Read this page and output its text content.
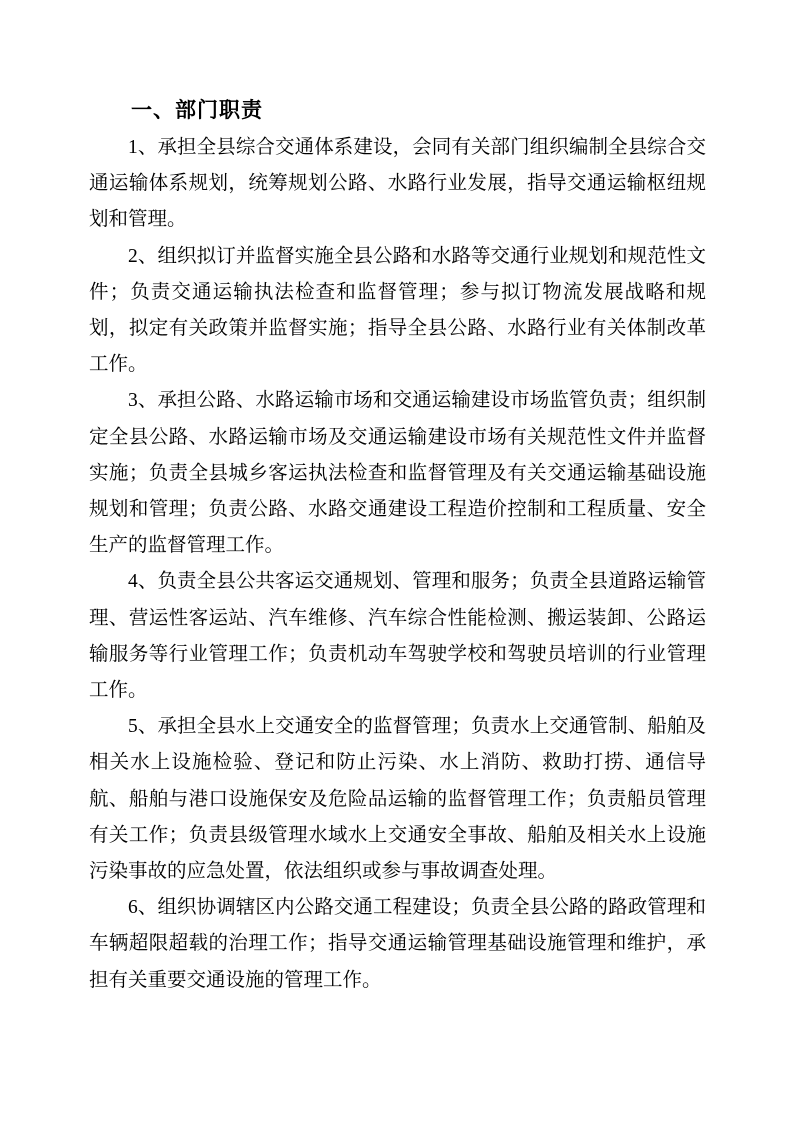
一、部门职责

1、承担全县综合交通体系建设，会同有关部门组织编制全县综合交通运输体系规划，统筹规划公路、水路行业发展，指导交通运输枢纽规划和管理。

2、组织拟订并监督实施全县公路和水路等交通行业规划和规范性文件；负责交通运输执法检查和监督管理；参与拟订物流发展战略和规划，拟定有关政策并监督实施；指导全县公路、水路行业有关体制改革工作。

3、承担公路、水路运输市场和交通运输建设市场监管负责；组织制定全县公路、水路运输市场及交通运输建设市场有关规范性文件并监督实施；负责全县城乡客运执法检查和监督管理及有关交通运输基础设施规划和管理；负责公路、水路交通建设工程造价控制和工程质量、安全生产的监督管理工作。

4、负责全县公共客运交通规划、管理和服务；负责全县道路运输管理、营运性客运站、汽车维修、汽车综合性能检测、搬运装卸、公路运输服务等行业管理工作；负责机动车驾驶学校和驾驶员培训的行业管理工作。

5、承担全县水上交通安全的监督管理；负责水上交通管制、船舶及相关水上设施检验、登记和防止污染、水上消防、救助打捞、通信导航、船舶与港口设施保安及危险品运输的监督管理工作；负责船员管理有关工作；负责县级管理水域水上交通安全事故、船舶及相关水上设施污染事故的应急处置，依法组织或参与事故调查处理。

6、组织协调辖区内公路交通工程建设；负责全县公路的路政管理和车辆超限超载的治理工作；指导交通运输管理基础设施管理和维护，承担有关重要交通设施的管理工作。
